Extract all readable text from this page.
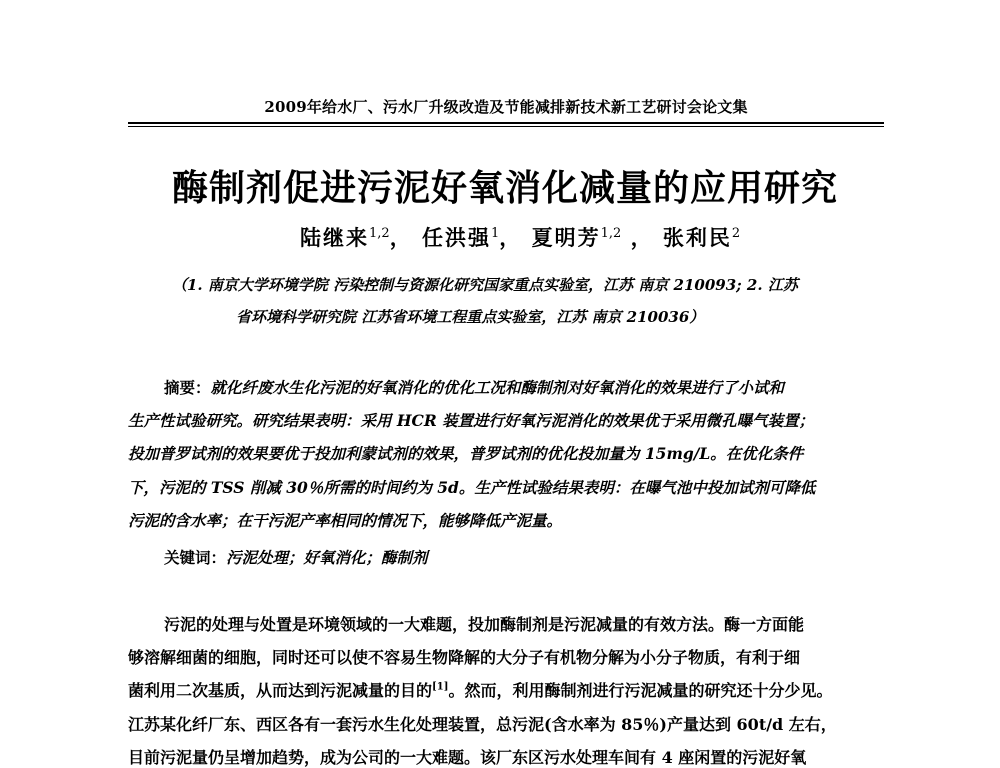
2009年给水厂、污水厂升级改造及节能减排新技术新工艺研讨会论文集
酶制剂促进污泥好氧消化减量的应用研究
陆继来$^{1,2}$， 任洪强$^1$， 夏明芳$^{1,2}$ ， 张利民$^2$
（1. 南京大学环境学院 污染控制与资源化研究国家重点实验室，江苏 南京 210093; 2. 江苏
省环境科学研究院 江苏省环境工程重点实验室，江苏 南京 210036）
摘要：就化纤废水生化污泥的好氧消化的优化工况和酶制剂对好氧消化的效果进行了小试和
生产性试验研究。研究结果表明：采用 HCR 装置进行好氧污泥消化的效果优于采用微孔曝气装置；
投加普罗试剂的效果要优于投加利蒙试剂的效果，普罗试剂的优化投加量为 15mg/L。在优化条件
下，污泥的 TSS 削减 30％所需的时间约为 5d。生产性试验结果表明：在曝气池中投加试剂可降低
污泥的含水率；在干污泥产率相同的情况下，能够降低产泥量。
关键词：污泥处理；好氧消化；酶制剂
污泥的处理与处置是环境领域的一大难题，投加酶制剂是污泥减量的有效方法。酶一方面能
够溶解细菌的细胞，同时还可以使不容易生物降解的大分子有机物分解为小分子物质，有利于细
菌利用二次基质，从而达到污泥减量的目的[1]。然而，利用酶制剂进行污泥减量的研究还十分少见。
江苏某化纤厂东、西区各有一套污水生化处理装置，总污泥(含水率为 85％)产量达到 60t/d 左右，
目前污泥量仍呈增加趋势，成为公司的一大难题。该厂东区污水处理车间有 4 座闲置的污泥好氧
